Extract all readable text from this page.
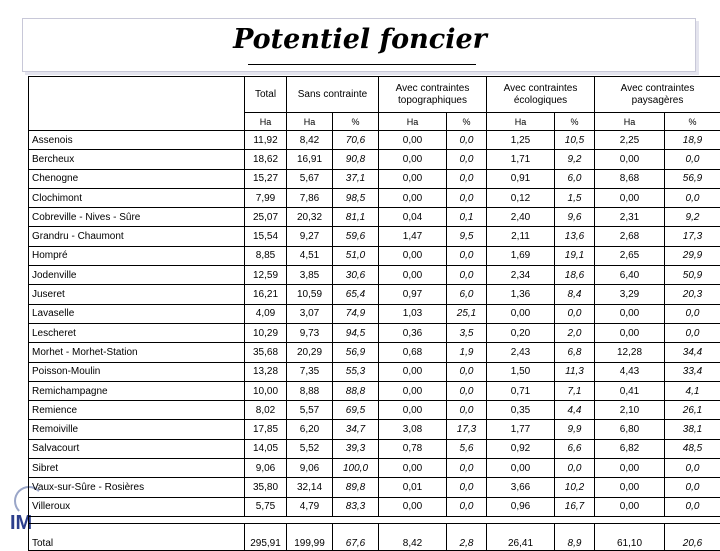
Potentiel foncier
IM
	Total	Sans contrainte		Avec contraintes topographiques		Avec contraintes écologiques		Avec contraintes paysagères	
	Ha	Ha	%	Ha	%	Ha	%	Ha	%
Assenois	11,92	8,42	70,6	0,00	0,0	1,25	10,5	2,25	18,9
Bercheux	18,62	16,91	90,8	0,00	0,0	1,71	9,2	0,00	0,0
Chenogne	15,27	5,67	37,1	0,00	0,0	0,91	6,0	8,68	56,9
Clochimont	7,99	7,86	98,5	0,00	0,0	0,12	1,5	0,00	0,0
Cobreville - Nives - Sûre	25,07	20,32	81,1	0,04	0,1	2,40	9,6	2,31	9,2
Grandru - Chaumont	15,54	9,27	59,6	1,47	9,5	2,11	13,6	2,68	17,3
Hompré	8,85	4,51	51,0	0,00	0,0	1,69	19,1	2,65	29,9
Jodenville	12,59	3,85	30,6	0,00	0,0	2,34	18,6	6,40	50,9
Juseret	16,21	10,59	65,4	0,97	6,0	1,36	8,4	3,29	20,3
Lavaselle	4,09	3,07	74,9	1,03	25,1	0,00	0,0	0,00	0,0
Lescheret	10,29	9,73	94,5	0,36	3,5	0,20	2,0	0,00	0,0
Morhet - Morhet-Station	35,68	20,29	56,9	0,68	1,9	2,43	6,8	12,28	34,4
Poisson-Moulin	13,28	7,35	55,3	0,00	0,0	1,50	11,3	4,43	33,4
Remichampagne	10,00	8,88	88,8	0,00	0,0	0,71	7,1	0,41	4,1
Remience	8,02	5,57	69,5	0,00	0,0	0,35	4,4	2,10	26,1
Remoiville	17,85	6,20	34,7	3,08	17,3	1,77	9,9	6,80	38,1
Salvacourt	14,05	5,52	39,3	0,78	5,6	0,92	6,6	6,82	48,5
Sibret	9,06	9,06	100,0	0,00	0,0	0,00	0,0	0,00	0,0
Vaux-sur-Sûre - Rosières	35,80	32,14	89,8	0,01	0,0	3,66	10,2	0,00	0,0
Villeroux	5,75	4,79	83,3	0,00	0,0	0,96	16,7	0,00	0,0

Total	295,91	199,99	67,6	8,42	2,8	26,41	8,9	61,10	20,6
